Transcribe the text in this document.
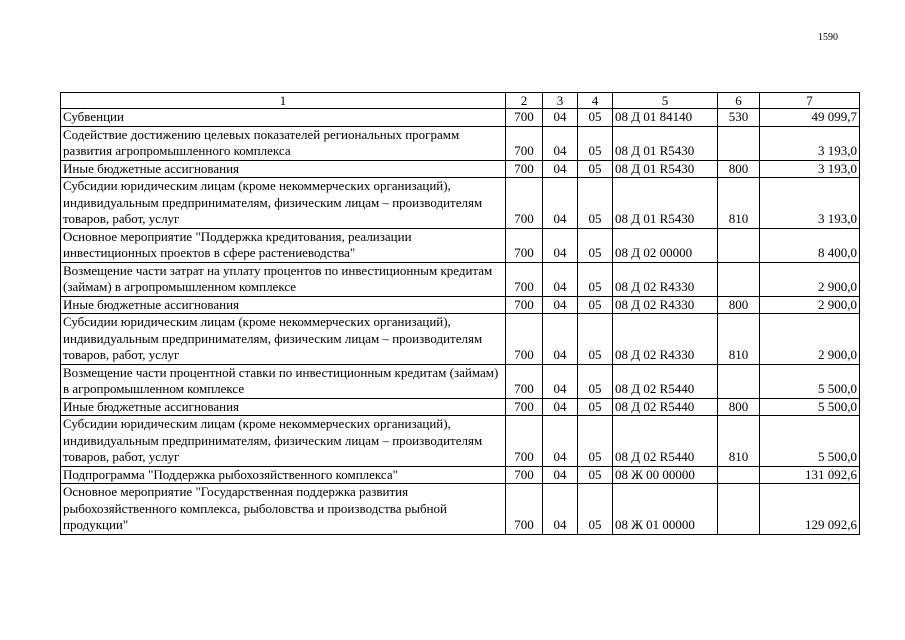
1590
1	2	3	4	5	6	7
Субвенции	700	04	05	08 Д 01 84140	530	49 099,7
Содействие достижению целевых показателей региональных программ развития агропромышленного комплекса	700	04	05	08 Д 01 R5430		3 193,0
Иные бюджетные ассигнования	700	04	05	08 Д 01 R5430	800	3 193,0
Субсидии юридическим лицам (кроме некоммерческих организаций), индивидуальным предпринимателям, физическим лицам – производителям товаров, работ, услуг	700	04	05	08 Д 01 R5430	810	3 193,0
Основное мероприятие "Поддержка кредитования, реализации инвестиционных проектов в сфере растениеводства"	700	04	05	08 Д 02 00000		8 400,0
Возмещение части затрат на уплату процентов по инвестиционным кредитам (займам) в агропромышленном комплексе	700	04	05	08 Д 02 R4330		2 900,0
Иные бюджетные ассигнования	700	04	05	08 Д 02 R4330	800	2 900,0
Субсидии юридическим лицам (кроме некоммерческих организаций), индивидуальным предпринимателям, физическим лицам – производителям товаров, работ, услуг	700	04	05	08 Д 02 R4330	810	2 900,0
Возмещение части процентной ставки по инвестиционным кредитам (займам) в агропромышленном комплексе	700	04	05	08 Д 02 R5440		5 500,0
Иные бюджетные ассигнования	700	04	05	08 Д 02 R5440	800	5 500,0
Субсидии юридическим лицам (кроме некоммерческих организаций), индивидуальным предпринимателям, физическим лицам – производителям товаров, работ, услуг	700	04	05	08 Д 02 R5440	810	5 500,0
Подпрограмма "Поддержка рыбохозяйственного комплекса"	700	04	05	08 Ж 00 00000		131 092,6
Основное мероприятие "Государственная поддержка развития рыбохозяйственного комплекса, рыболовства и производства рыбной продукции"	700	04	05	08 Ж 01 00000		129 092,6
